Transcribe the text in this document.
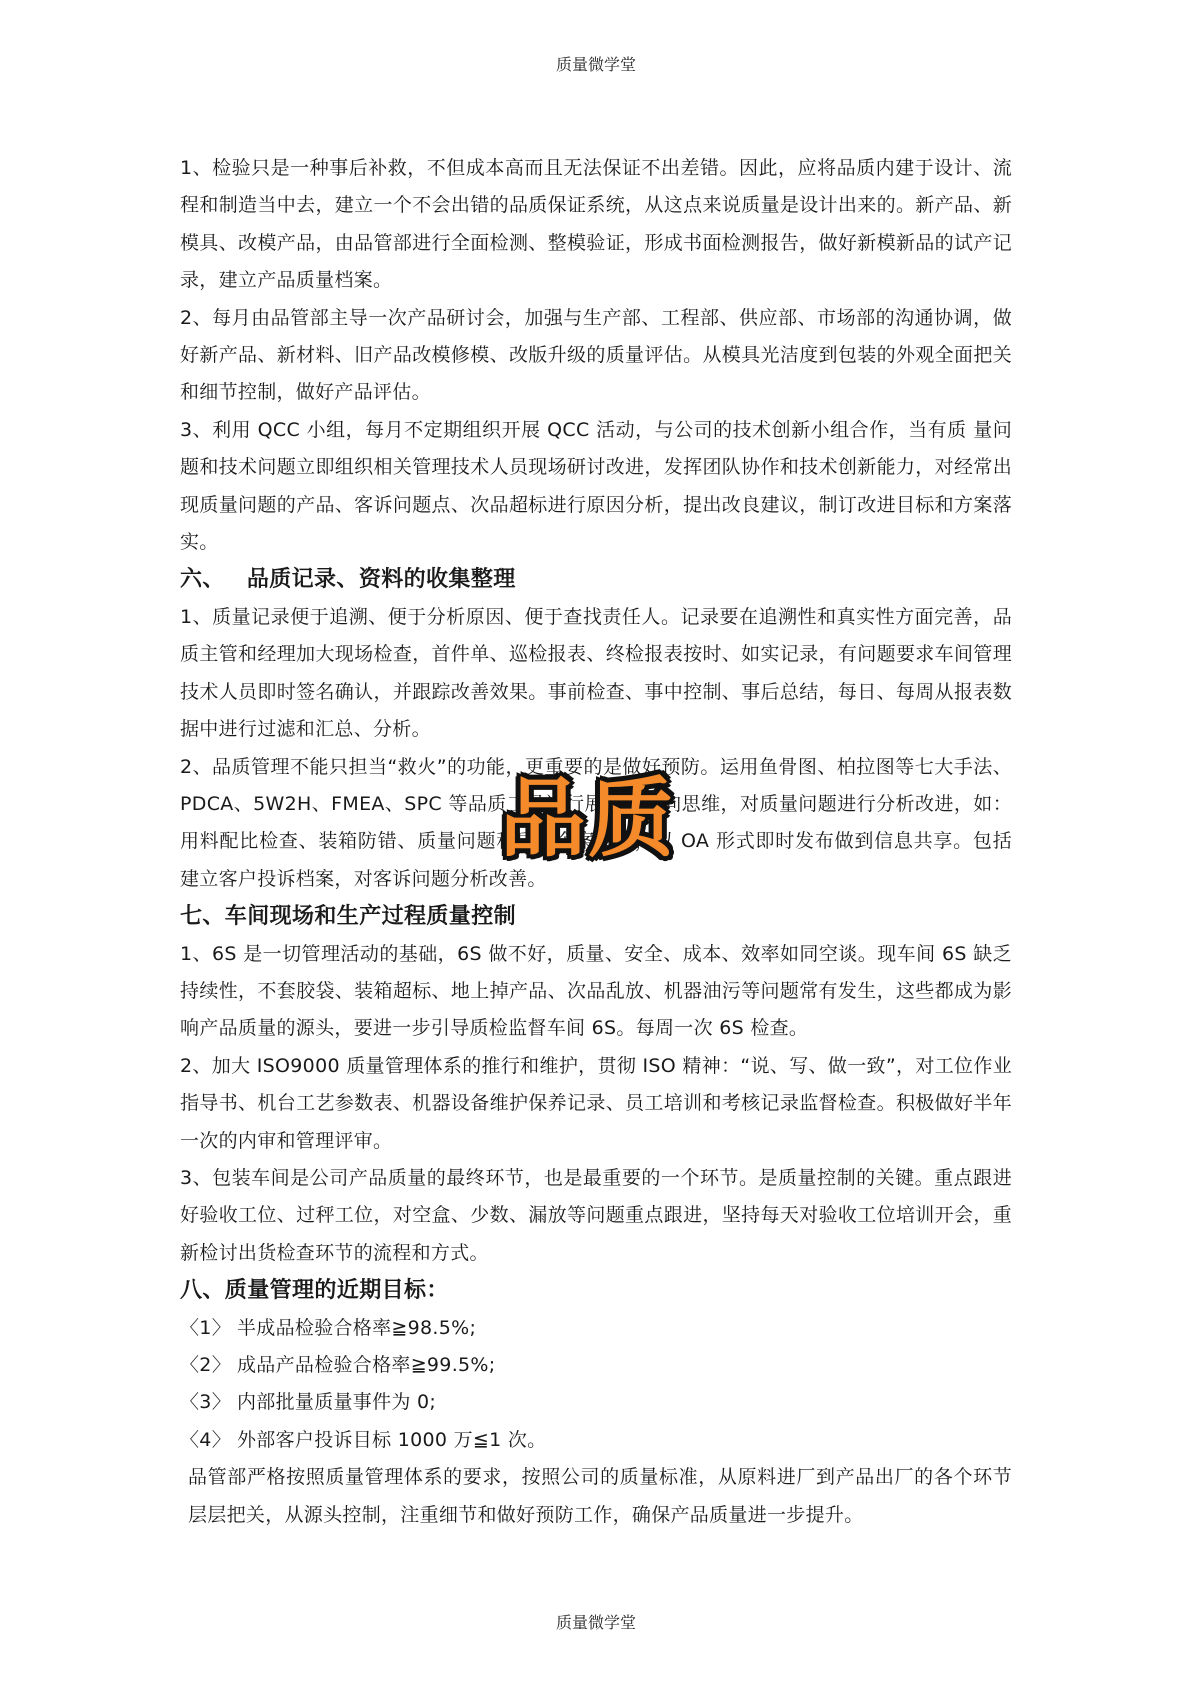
质量微学堂

1、检验只是一种事后补救，不但成本高而且无法保证不出差错。因此，应将品质内建于设计、流程和制造当中去，建立一个不会出错的品质保证系统，从这点来说质量是设计出来的。新产品、新模具、改模产品，由品管部进行全面检测、整模验证，形成书面检测报告，做好新模新品的试产记录，建立产品质量档案。

2、每月由品管部主导一次产品研讨会，加强与生产部、工程部、供应部、市场部的沟通协调，做好新产品、新材料、旧产品改模修模、改版升级的质量评估。从模具光洁度到包装的外观全面把关和细节控制，做好产品评估。

3、利用 QCC 小组，每月不定期组织开展 QCC 活动，与公司的技术创新小组合作，当有质 量问题和技术问题立即组织相关管理技术人员现场研讨改进，发挥团队协作和技术创新能力，对经常出现质量问题的产品、客诉问题点、次品超标进行原因分析，提出改良建议，制订改进目标和方案落实。

六、 品质记录、资料的收集整理

1、质量记录便于追溯、便于分析原因、便于查找责任人。记录要在追溯性和真实性方面完善，品质主管和经理加大现场检查，首件单、巡检报表、终检报表按时、如实记录，有问题要求车间管理技术人员即时签名确认，并跟踪改善效果。事前检查、事中控制、事后总结，每日、每周从报表数据中进行过滤和汇总、分析。

2、品质管理不能只担当“救火”的功能，更重要的是做好预防。运用鱼骨图、柏拉图等七大手法、PDCA、5W2H、FMEA、SPC 等品质工具进行展开，多向思维，对质量问题进行分析改进，如：用料配比检查、装箱防错、质量问题和质量个案统计，以 OA 形式即时发布做到信息共享。包括建立客户投诉档案，对客诉问题分析改善。

七、车间现场和生产过程质量控制

1、6S 是一切管理活动的基础，6S 做不好，质量、安全、成本、效率如同空谈。现车间 6S 缺乏持续性，不套胶袋、装箱超标、地上掉产品、次品乱放、机器油污等问题常有发生，这些都成为影响产品质量的源头，要进一步引导质检监督车间 6S。每周一次 6S 检查。

2、加大 ISO9000 质量管理体系的推行和维护，贯彻 ISO 精神：“说、写、做一致”，对工位作业指导书、机台工艺参数表、机器设备维护保养记录、员工培训和考核记录监督检查。积极做好半年一次的内审和管理评审。

3、包装车间是公司产品质量的最终环节，也是最重要的一个环节。是质量控制的关键。重点跟进好验收工位、过秤工位，对空盒、少数、漏放等问题重点跟进，坚持每天对验收工位培训开会，重新检讨出货检查环节的流程和方式。

八、质量管理的近期目标：

〈1〉 半成品检验合格率≧98.5%;

〈2〉 成品产品检验合格率≧99.5%;

〈3〉 内部批量质量事件为 0;

〈4〉 外部客户投诉目标 1000 万≦1 次。

品管部严格按照质量管理体系的要求，按照公司的质量标准，从原料进厂到产品出厂的各个环节层层把关，从源头控制，注重细节和做好预防工作，确保产品质量进一步提升。

品质
质量微学堂
